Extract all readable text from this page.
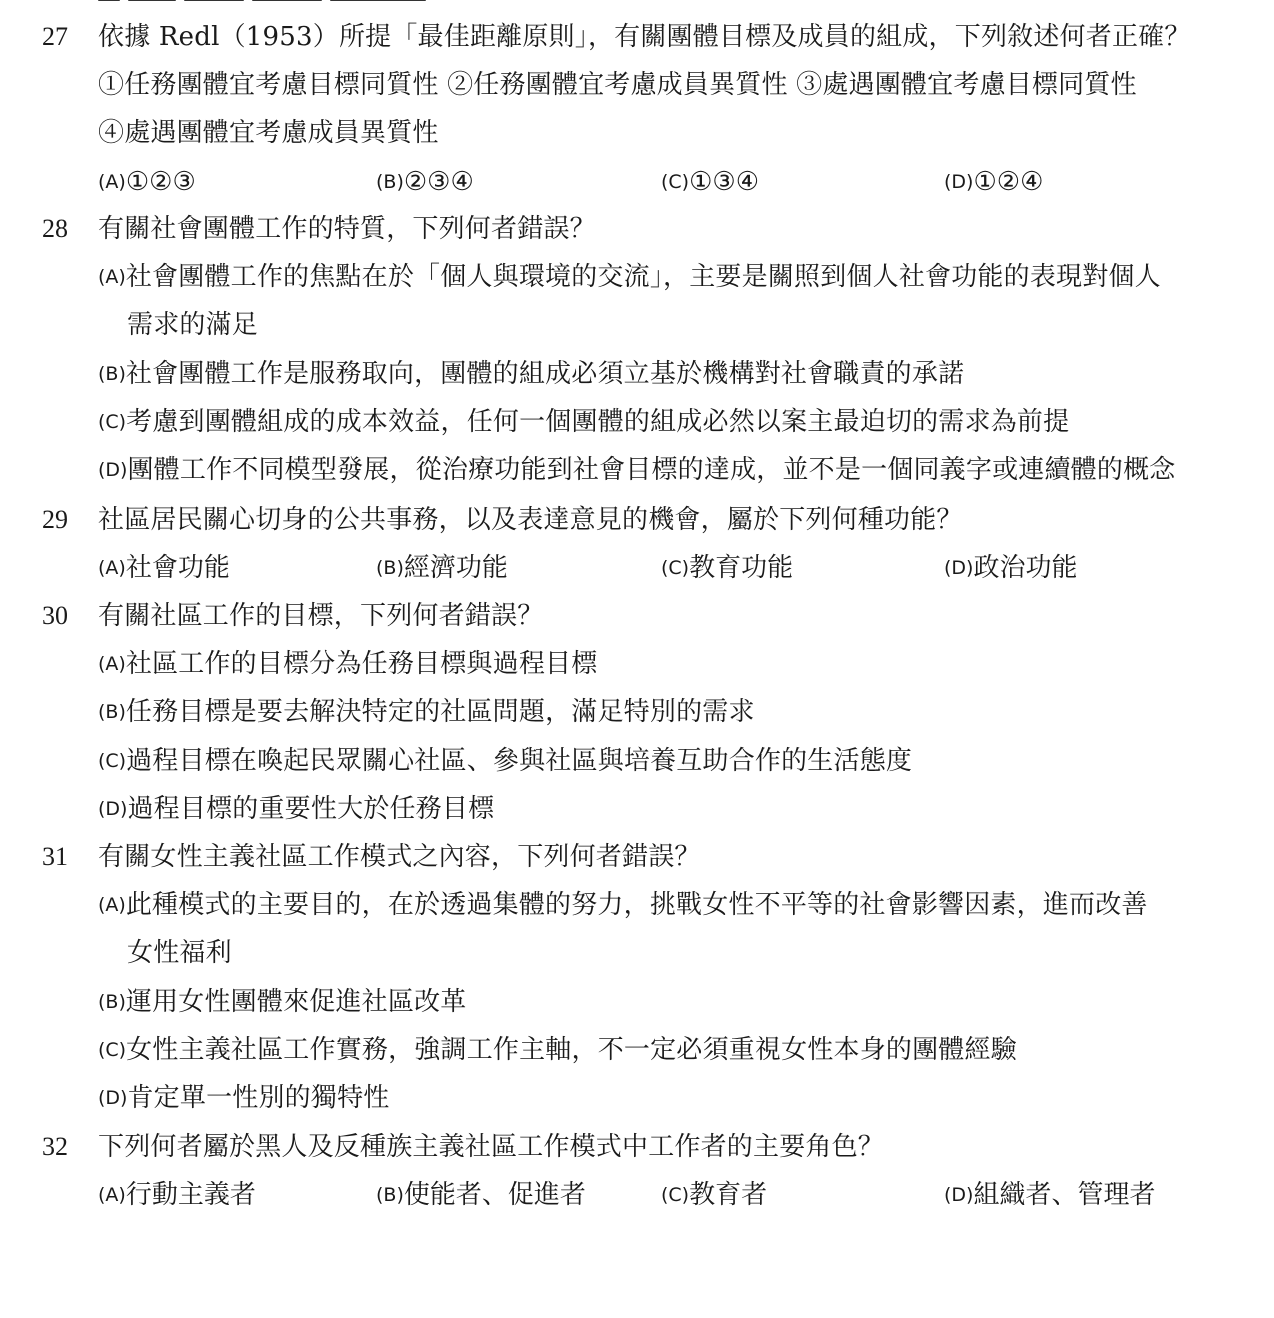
27 依據 Redl（1953）所提「最佳距離原則」，有關團體目標及成員的組成，下列敘述何者正確？
①任務團體宜考慮目標同質性 ②任務團體宜考慮成員異質性 ③處遇團體宜考慮目標同質性
④處遇團體宜考慮成員異質性
(A)①②③	(B)②③④	(C)①③④	(D)①②④
28 有關社會團體工作的特質，下列何者錯誤？
(A)社會團體工作的焦點在於「個人與環境的交流」，主要是關照到個人社會功能的表現對個人
需求的滿足
(B)社會團體工作是服務取向，團體的組成必須立基於機構對社會職責的承諾
(C)考慮到團體組成的成本效益，任何一個團體的組成必然以案主最迫切的需求為前提
(D)團體工作不同模型發展，從治療功能到社會目標的達成，並不是一個同義字或連續體的概念
29 社區居民關心切身的公共事務，以及表達意見的機會，屬於下列何種功能？
(A)社會功能	(B)經濟功能	(C)教育功能	(D)政治功能
30 有關社區工作的目標，下列何者錯誤？
(A)社區工作的目標分為任務目標與過程目標
(B)任務目標是要去解決特定的社區問題，滿足特別的需求
(C)過程目標在喚起民眾關心社區、參與社區與培養互助合作的生活態度
(D)過程目標的重要性大於任務目標
31 有關女性主義社區工作模式之內容，下列何者錯誤？
(A)此種模式的主要目的，在於透過集體的努力，挑戰女性不平等的社會影響因素，進而改善
女性福利
(B)運用女性團體來促進社區改革
(C)女性主義社區工作實務，強調工作主軸，不一定必須重視女性本身的團體經驗
(D)肯定單一性別的獨特性
32 下列何者屬於黑人及反種族主義社區工作模式中工作者的主要角色？
(A)行動主義者	(B)使能者、促進者	(C)教育者	(D)組織者、管理者
